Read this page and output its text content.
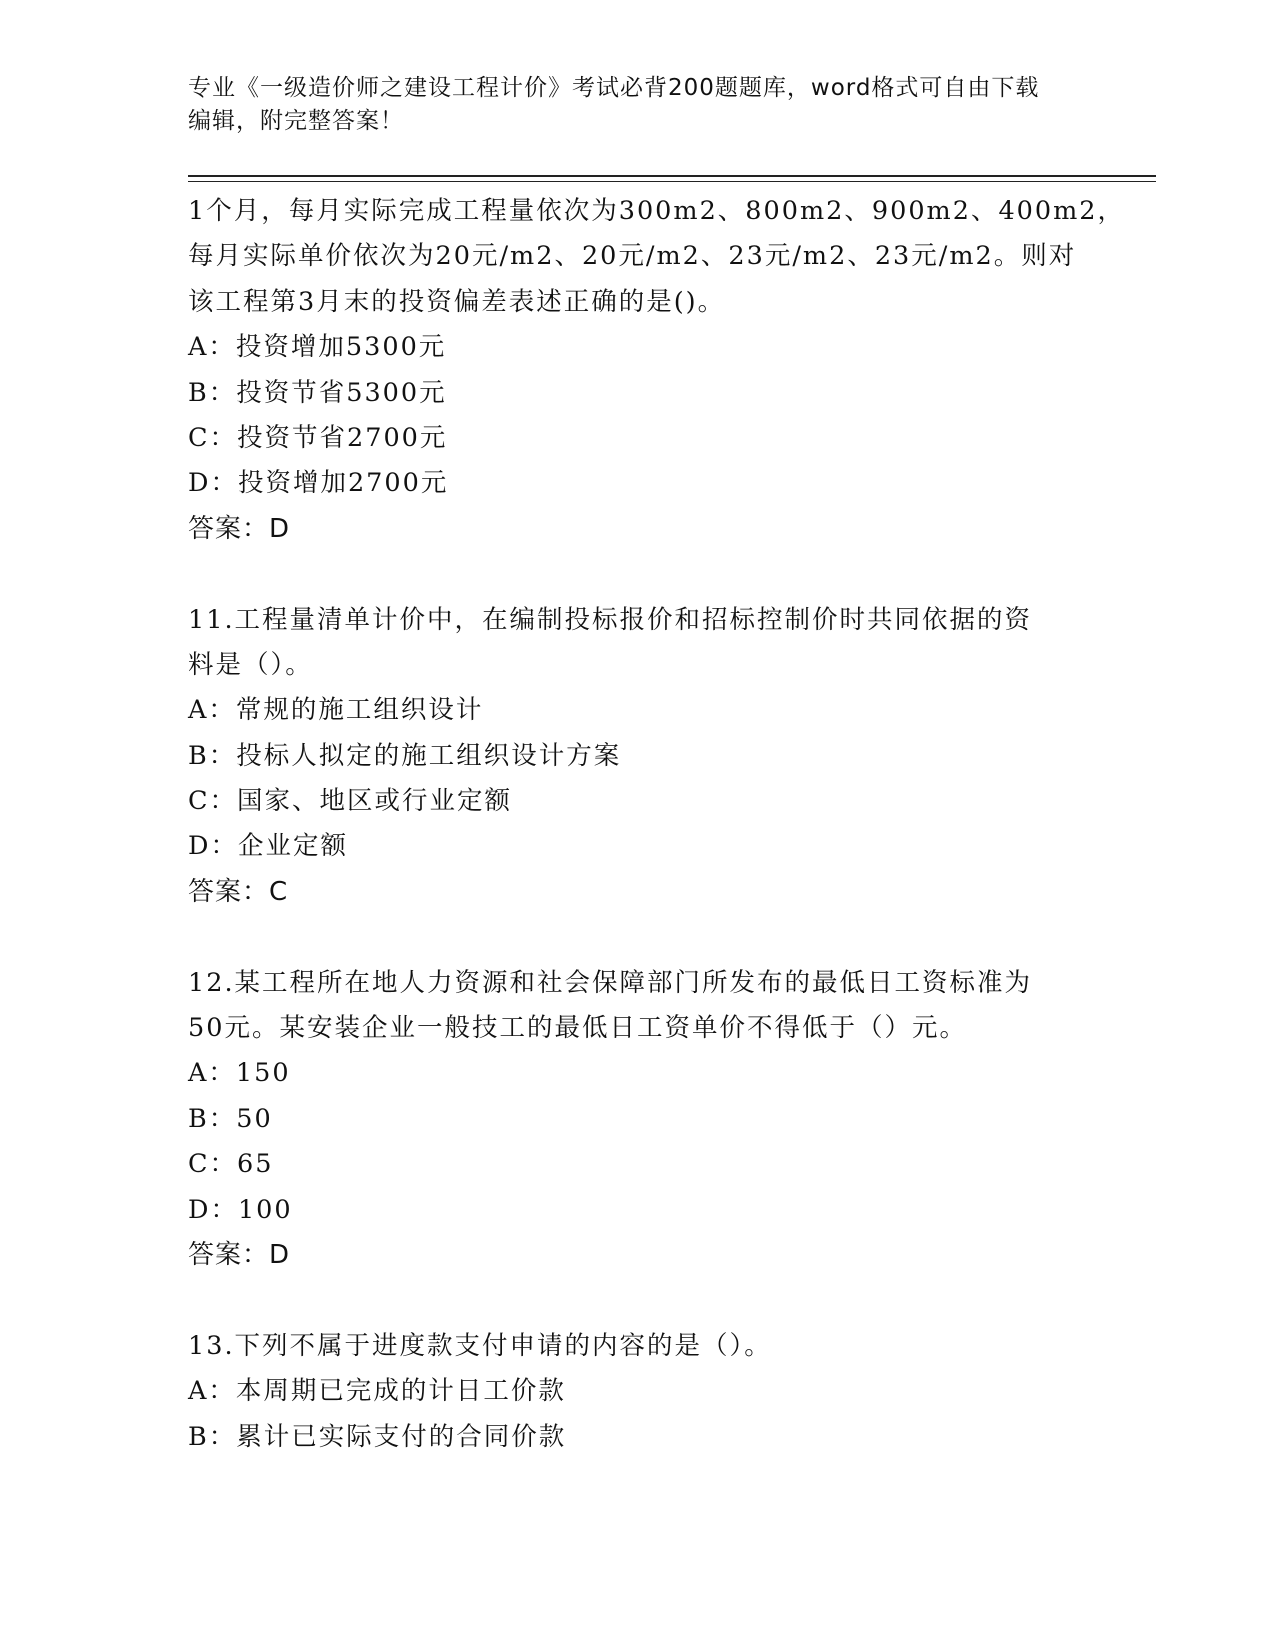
专业《一级造价师之建设工程计价》考试必背200题题库，word格式可自由下载
编辑，附完整答案！
1个月，每月实际完成工程量依次为300m2、800m2、900m2、400m2，
每月实际单价依次为20元/m2、20元/m2、23元/m2、23元/m2。则对
该工程第3月末的投资偏差表述正确的是()。
A：投资增加5300元
B：投资节省5300元
C：投资节省2700元
D：投资增加2700元
答案：D
11.工程量清单计价中，在编制投标报价和招标控制价时共同依据的资
料是（）。
A：常规的施工组织设计
B：投标人拟定的施工组织设计方案
C：国家、地区或行业定额
D：企业定额
答案：C
12.某工程所在地人力资源和社会保障部门所发布的最低日工资标准为
50元。某安装企业一般技工的最低日工资单价不得低于（）元。
A：150
B：50
C：65
D：100
答案：D
13.下列不属于进度款支付申请的内容的是（）。
A：本周期已完成的计日工价款
B：累计已实际支付的合同价款
